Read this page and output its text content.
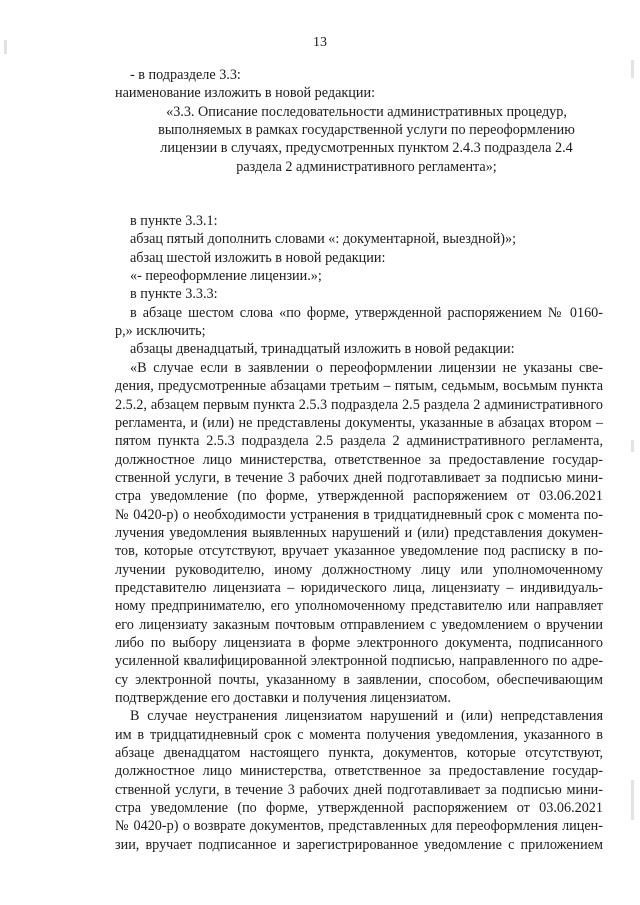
13

- в подразделе 3.3:

наименование изложить в новой редакции:

«3.3. Описание последовательности административных процедур,

выполняемых в рамках государственной услуги по переоформлению

лицензии в случаях, предусмотренных пунктом 2.4.3 подраздела 2.4

раздела 2 административного регламента»;

в пункте 3.3.1:

абзац пятый дополнить словами «: документарной, выездной)»;

абзац шестой изложить в новой редакции:

«- переоформление лицензии.»;

в пункте 3.3.3:

в абзаце шестом слова «по форме, утвержденной распоряжением № 0160-
р,» исключить;

абзацы двенадцатый, тринадцатый изложить в новой редакции:

«В случае если в заявлении о переоформлении лицензии не указаны све-
дения, предусмотренные абзацами третьим – пятым, седьмым, восьмым пункта
2.5.2, абзацем первым пункта 2.5.3 подраздела 2.5 раздела 2 административного
регламента, и (или) не представлены документы, указанные в абзацах втором –
пятом пункта 2.5.3 подраздела 2.5 раздела 2 административного регламента,
должностное лицо министерства, ответственное за предоставление государ-
ственной услуги, в течение 3 рабочих дней подготавливает за подписью мини-
стра уведомление (по форме, утвержденной распоряжением от 03.06.2021
№ 0420-р) о необходимости устранения в тридцатидневный срок с момента по-
лучения уведомления выявленных нарушений и (или) представления докумен-
тов, которые отсутствуют, вручает указанное уведомление под расписку в по-
лучении руководителю, иному должностному лицу или уполномоченному
представителю лицензиата – юридического лица, лицензиату – индивидуаль-
ному предпринимателю, его уполномоченному представителю или направляет
его лицензиату заказным почтовым отправлением с уведомлением о вручении
либо по выбору лицензиата в форме электронного документа, подписанного
усиленной квалифицированной электронной подписью, направленного по адре-
су электронной почты, указанному в заявлении, способом, обеспечивающим
подтверждение его доставки и получения лицензиатом.
В случае неустранения лицензиатом нарушений и (или) непредставления
им в тридцатидневный срок с момента получения уведомления, указанного в
абзаце двенадцатом настоящего пункта, документов, которые отсутствуют,
должностное лицо министерства, ответственное за предоставление государ-
ственной услуги, в течение 3 рабочих дней подготавливает за подписью мини-
стра уведомление (по форме, утвержденной распоряжением от 03.06.2021
№ 0420-р) о возврате документов, представленных для переоформления лицен-
зии, вручает подписанное и зарегистрированное уведомление с приложением
